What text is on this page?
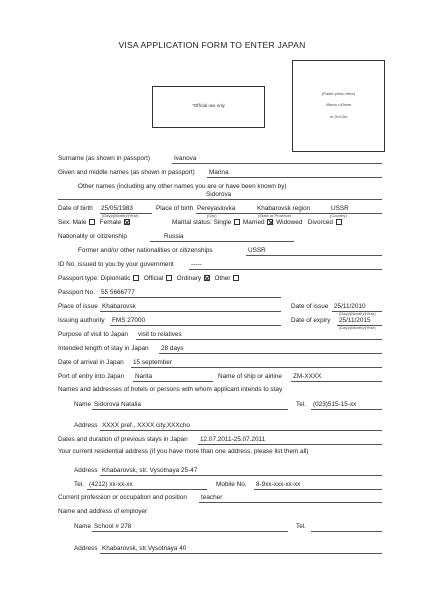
VISA APPLICATION FORM TO ENTER JAPAN
*Official use only
(Paste photo here)
45mm ×45mm
or 2in×2in
Surname (as shown in passport)	Ivanova
Given and middle names (as shown in passport) Marina
Other names (including any other names you are or have been known by)
Sidorova
Date of birth 25/05/1983
(Day)/(Month)/(Year)
Place of birth Pereyaslovka	Khabarovsk region	USSR
(City)	(State or Province)	(Country)
Sex: Male Female	Marital status: Single Married Widowed Divorced
Nationality or citizenship	Russia
Former and/or other nationalities or citizenships	USSR
ID No. issued to you by your government	-----
Passport type: Diplomatic Official Ordinary Other
Passport No. 55 5666777
Place of issue Khabarovsk	Date of issue 25/11/2010
(Day)/(Month)/(Year)
Issuing authority FMS 27000	Date of expiry 25/11/2015
(Day)/(Month)/(Year)
Purpose of visit to Japan visit to relatives
Intended length of stay in Japan 28 days
Date of arrival in Japan 15 september
Port of entry into Japan Narita	Name of ship or airline ZM-XXXX
Names and addresses of hotels or persons with whom applicant intends to stay
Name Sidorova Natalia	Tel. (023)515-15-xx
Address XXXX pref., XXXX city,XXXcho
Dates and duration of previous stays in Japan 12.07.2011-25.07.2011
Your current residential address (if you have more than one address, please list them all)
Address Khabarovsk, str. Vysotnaya 25-47
Tel. (4212) xx-xx-xx	Mobile No. 8-9xx-xxx-xx-xx
Current profession or occupation and position teacher
Name and address of employer
Name School # 278	Tel.
Address Khabarovsk, str.Vysotnaya 40
